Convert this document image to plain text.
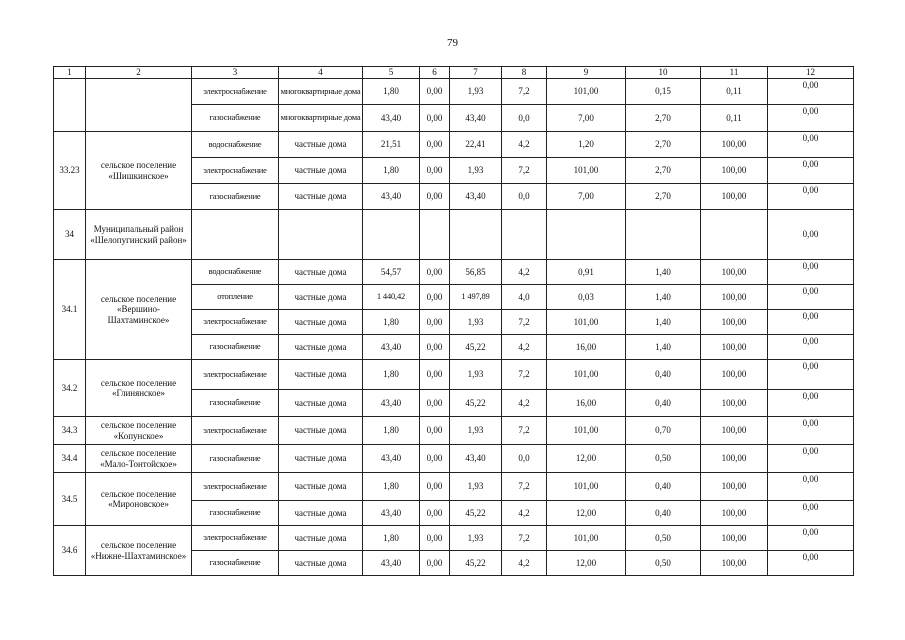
79
1	2	3	4	5	6	7	8	9	10	11	12
		электроснабжение	многоквартирные дома	1,80	0,00	1,93	7,2	101,00	0,15	0,11	0,00
		газоснабжение	многоквартирные дома	43,40	0,00	43,40	0,0	7,00	2,70	0,11	0,00
33.23	сельское поселение «Шишкинское»	водоснабжение	частные дома	21,51	0,00	22,41	4,2	1,20	2,70	100,00	0,00
		электроснабжение	частные дома	1,80	0,00	1,93	7,2	101,00	2,70	100,00	0,00
		газоснабжение	частные дома	43,40	0,00	43,40	0,0	7,00	2,70	100,00	0,00
34	Муниципальный район «Шелопугинский район»										0,00
34.1	сельское поселение «Вершино-Шахтаминское»	водоснабжение	частные дома	54,57	0,00	56,85	4,2	0,91	1,40	100,00	0,00
		отопление	частные дома	1 440,42	0,00	1 497,89	4,0	0,03	1,40	100,00	0,00
		электроснабжение	частные дома	1,80	0,00	1,93	7,2	101,00	1,40	100,00	0,00
		газоснабжение	частные дома	43,40	0,00	45,22	4,2	16,00	1,40	100,00	0,00
34.2	сельское поселение «Глинянское»	электроснабжение	частные дома	1,80	0,00	1,93	7,2	101,00	0,40	100,00	0,00
		газоснабжение	частные дома	43,40	0,00	45,22	4,2	16,00	0,40	100,00	0,00
34.3	сельское поселение «Копунское»	электроснабжение	частные дома	1,80	0,00	1,93	7,2	101,00	0,70	100,00	0,00
34.4	сельское поселение «Мало-Тонтойское»	газоснабжение	частные дома	43,40	0,00	43,40	0,0	12,00	0,50	100,00	0,00
34.5	сельское поселение «Мироновское»	электроснабжение	частные дома	1,80	0,00	1,93	7,2	101,00	0,40	100,00	0,00
		газоснабжение	частные дома	43,40	0,00	45,22	4,2	12,00	0,40	100,00	0,00
34.6	сельское поселение «Нижне-Шахтаминское»	электроснабжение	частные дома	1,80	0,00	1,93	7,2	101,00	0,50	100,00	0,00
		газоснабжение	частные дома	43,40	0,00	45,22	4,2	12,00	0,50	100,00	0,00
